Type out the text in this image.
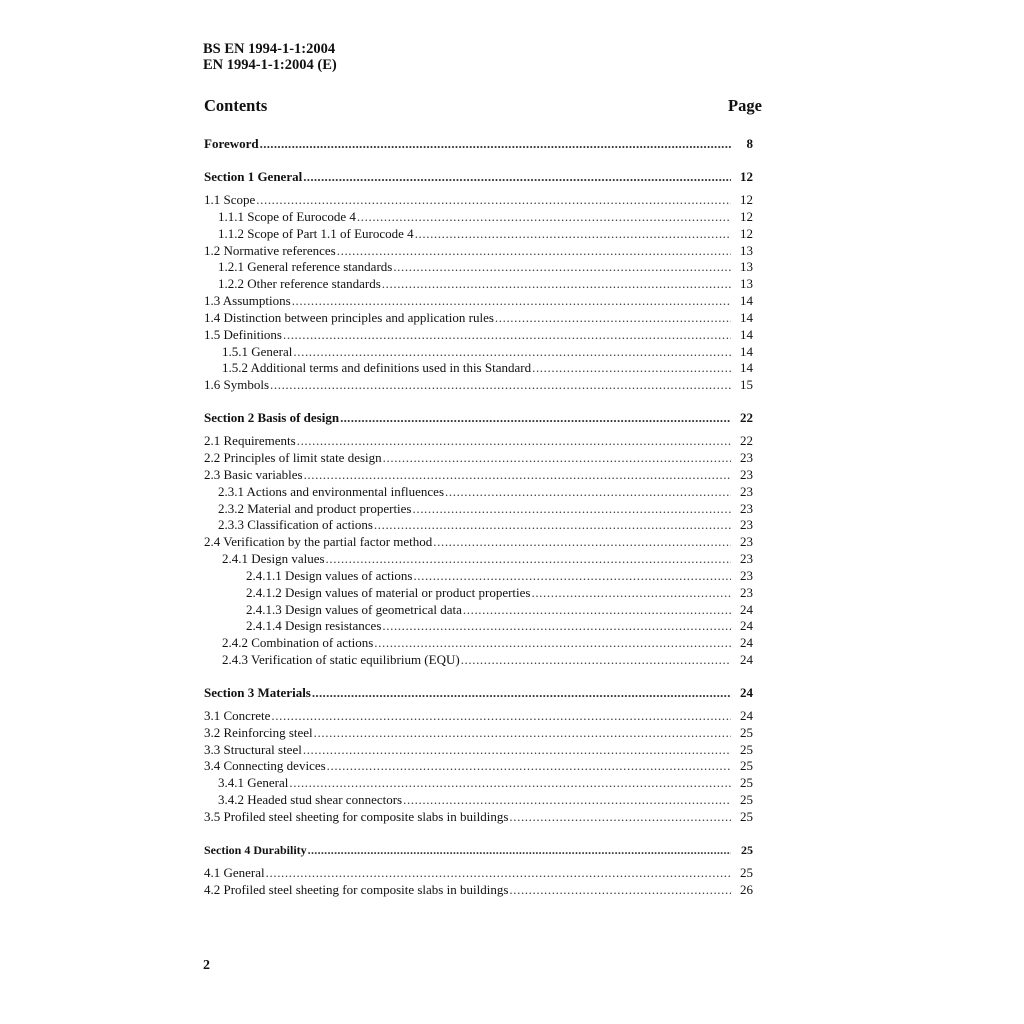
BS EN 1994-1-1:2004
EN 1994-1-1:2004 (E)
Contents	Page
Foreword .....	8
Section 1 General .....	12
1.1 Scope .....	12
1.1.1 Scope of Eurocode 4 .....	12
1.1.2 Scope of Part 1.1 of Eurocode 4 .....	12
1.2 Normative references .....	13
1.2.1 General reference standards .....	13
1.2.2 Other reference standards .....	13
1.3 Assumptions .....	14
1.4 Distinction between principles and application rules .....	14
1.5 Definitions .....	14
1.5.1 General .....	14
1.5.2 Additional terms and definitions used in this Standard .....	14
1.6 Symbols .....	15
Section 2 Basis of design .....	22
2.1 Requirements .....	22
2.2 Principles of limit state design .....	23
2.3 Basic variables .....	23
2.3.1 Actions and environmental influences .....	23
2.3.2 Material and product properties .....	23
2.3.3 Classification of actions .....	23
2.4 Verification by the partial factor method .....	23
2.4.1 Design values .....	23
2.4.1.1 Design values of actions .....	23
2.4.1.2 Design values of material or product properties .....	23
2.4.1.3 Design values of geometrical data .....	24
2.4.1.4 Design resistances .....	24
2.4.2 Combination of actions .....	24
2.4.3 Verification of static equilibrium (EQU) .....	24
Section 3 Materials .....	24
3.1 Concrete .....	24
3.2 Reinforcing steel .....	25
3.3 Structural steel .....	25
3.4 Connecting devices .....	25
3.4.1 General .....	25
3.4.2 Headed stud shear connectors .....	25
3.5 Profiled steel sheeting for composite slabs in buildings .....	25
Section 4 Durability .....	25
4.1 General .....	25
4.2 Profiled steel sheeting for composite slabs in buildings .....	26
2
